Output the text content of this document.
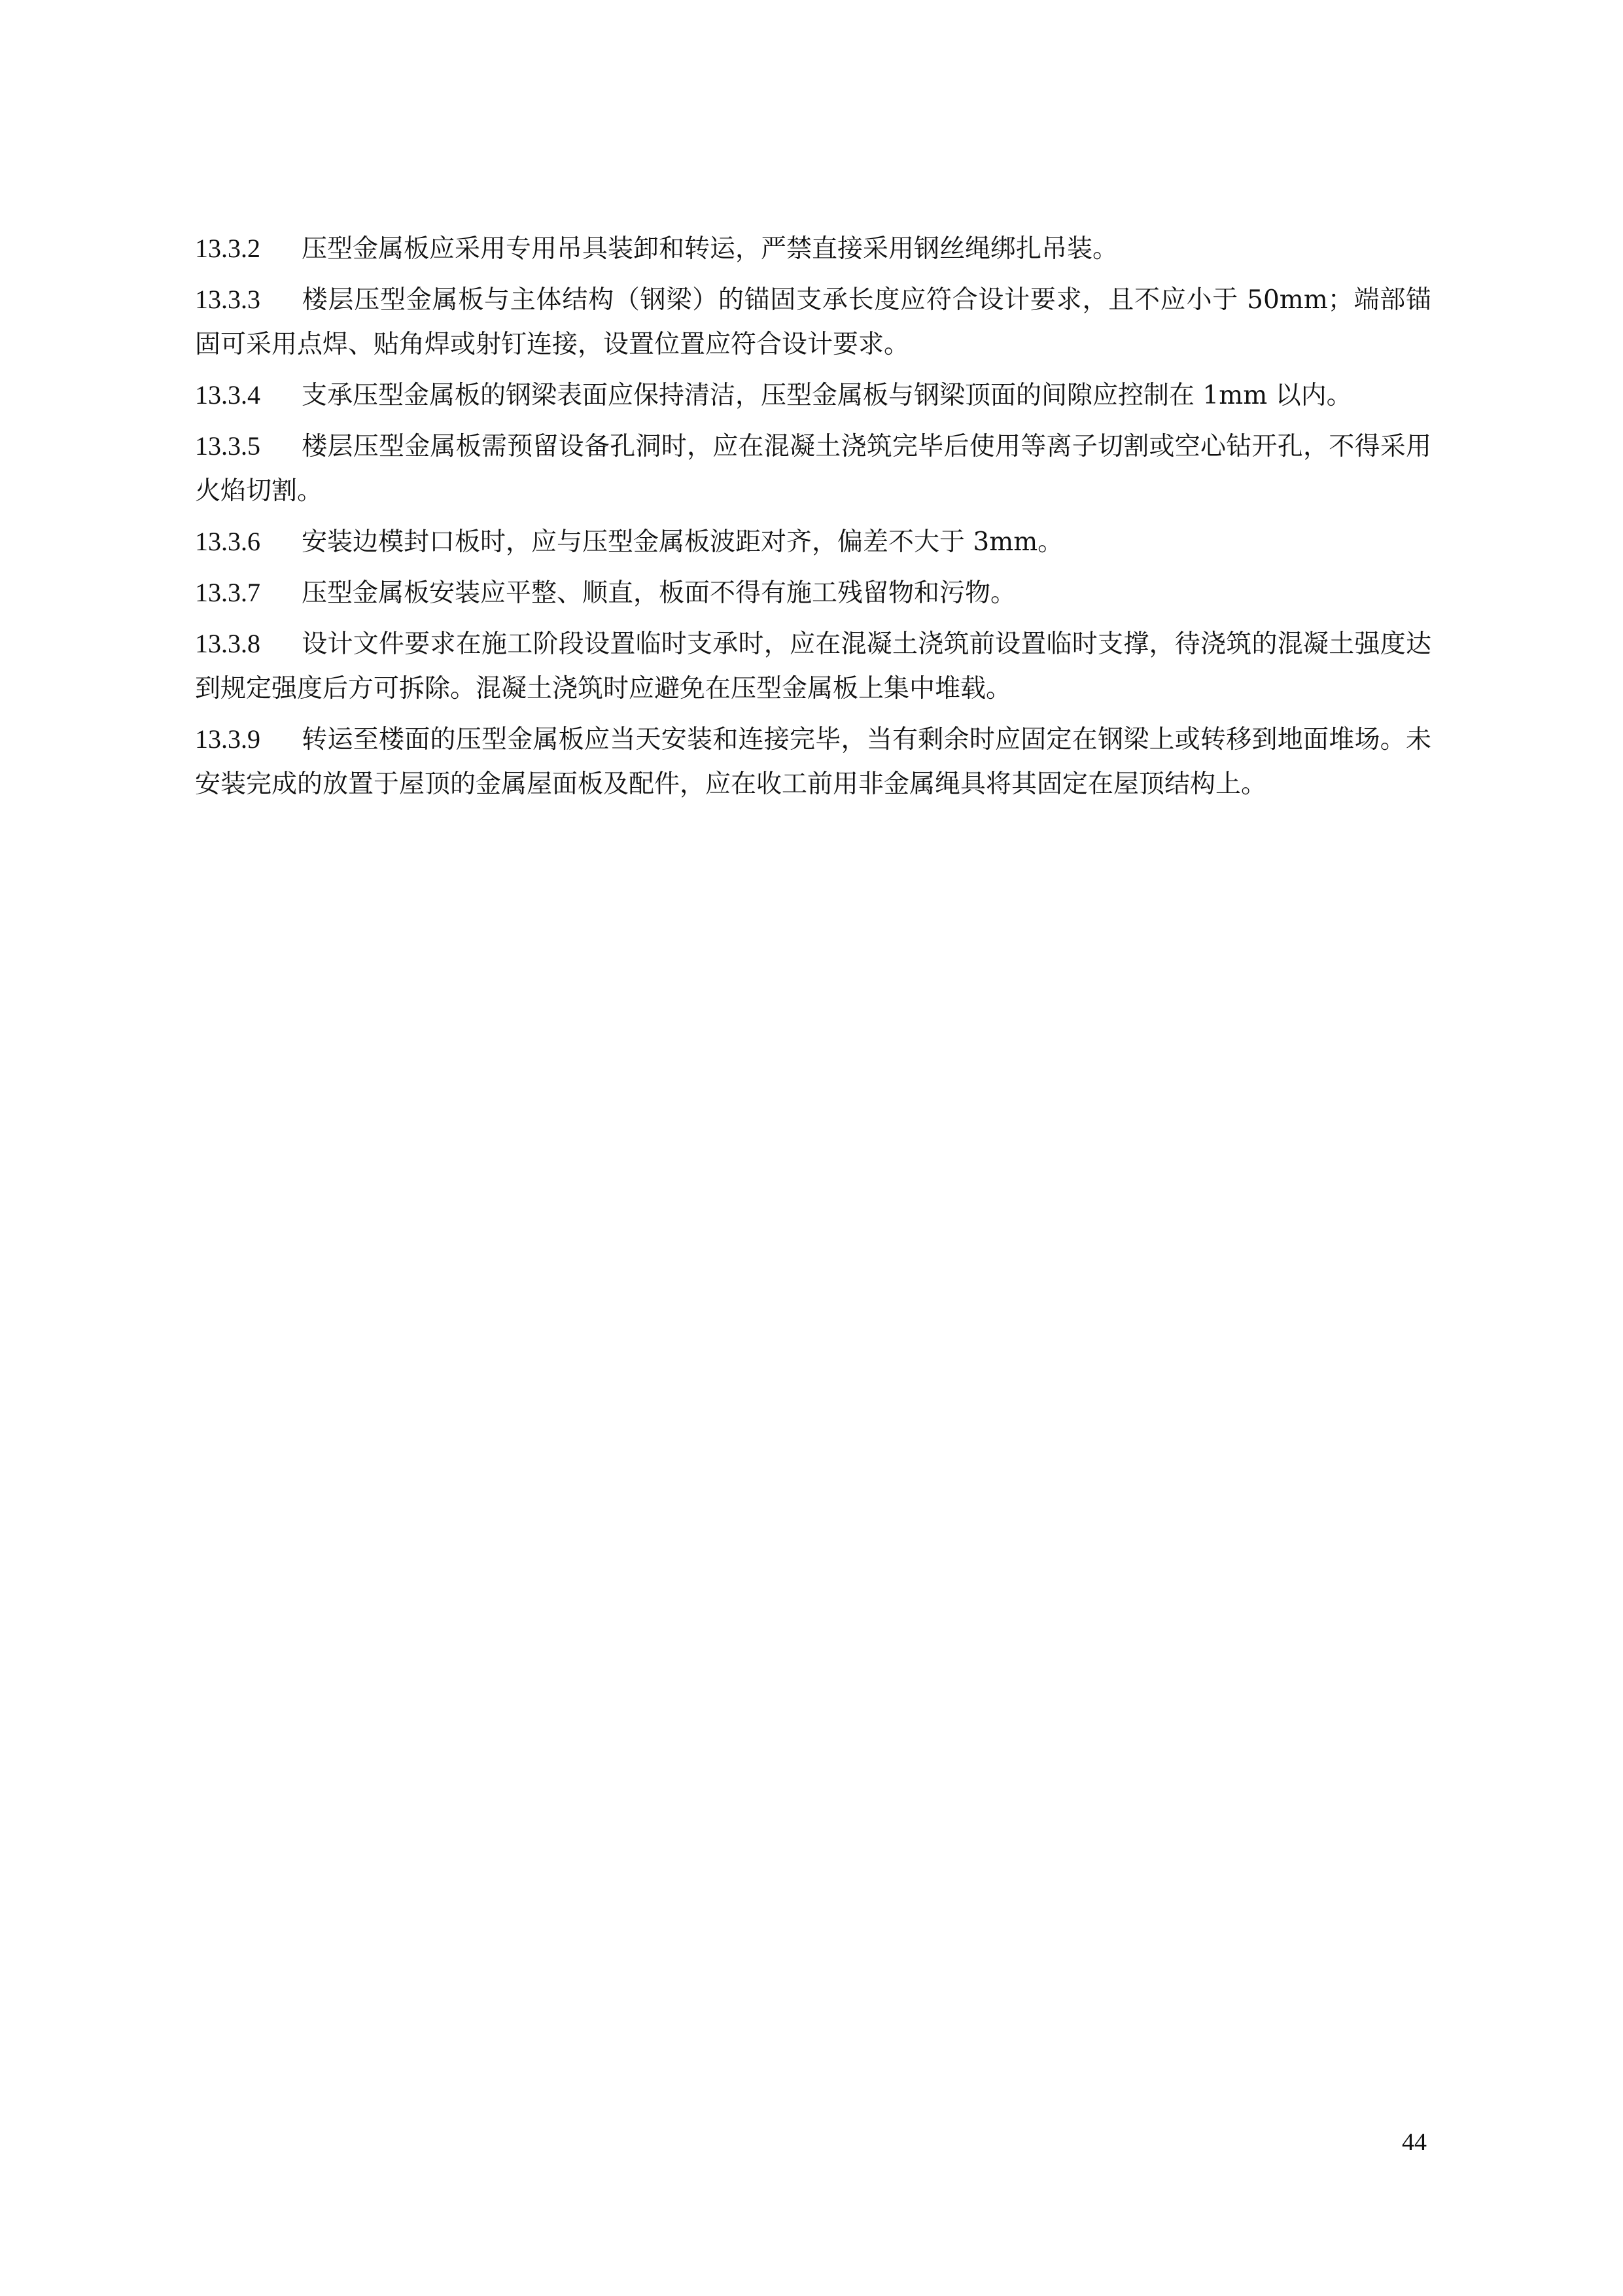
13.3.2 压型金属板应采用专用吊具装卸和转运，严禁直接采用钢丝绳绑扎吊装。

13.3.3 楼层压型金属板与主体结构（钢梁）的锚固支承长度应符合设计要求，且不应小于 50mm；端部锚固可采用点焊、贴角焊或射钉连接，设置位置应符合设计要求。

13.3.4 支承压型金属板的钢梁表面应保持清洁，压型金属板与钢梁顶面的间隙应控制在 1mm 以内。

13.3.5 楼层压型金属板需预留设备孔洞时，应在混凝土浇筑完毕后使用等离子切割或空心钻开孔，不得采用火焰切割。

13.3.6 安装边模封口板时，应与压型金属板波距对齐，偏差不大于 3mm。

13.3.7 压型金属板安装应平整、顺直，板面不得有施工残留物和污物。

13.3.8 设计文件要求在施工阶段设置临时支承时，应在混凝土浇筑前设置临时支撑，待浇筑的混凝土强度达到规定强度后方可拆除。混凝土浇筑时应避免在压型金属板上集中堆载。

13.3.9 转运至楼面的压型金属板应当天安装和连接完毕，当有剩余时应固定在钢梁上或转移到地面堆场。未安装完成的放置于屋顶的金属屋面板及配件，应在收工前用非金属绳具将其固定在屋顶结构上。

44
